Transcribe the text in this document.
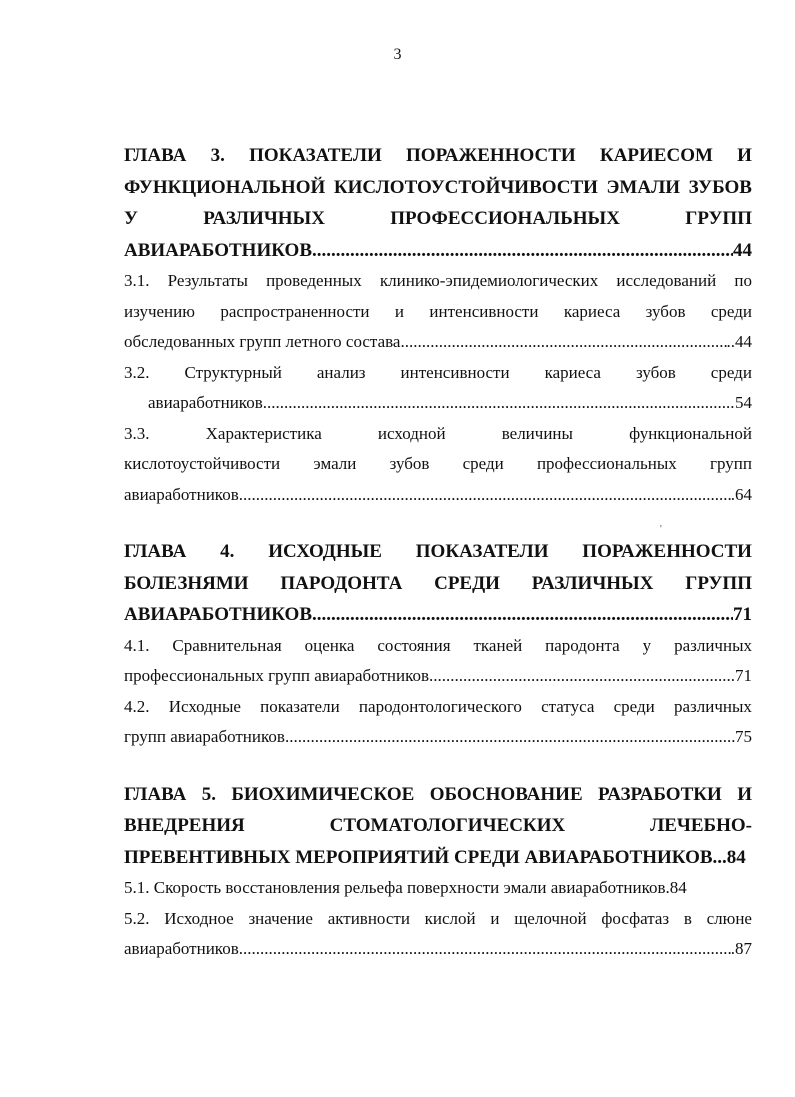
3
ГЛАВА 3. ПОКАЗАТЕЛИ ПОРАЖЕННОСТИ КАРИЕСОМ И
ФУНКЦИОНАЛЬНОЙ КИСЛОТОУСТОЙЧИВОСТИ ЭМАЛИ ЗУБОВ
У	РАЗЛИЧНЫХ	ПРОФЕССИОНАЛЬНЫХ	ГРУПП
АВИАРАБОТНИКОВ .....	44
3.1. Результаты проведенных клинико-эпидемиологических исследований по
изучению распространенности и интенсивности кариеса зубов среди
обследованных групп летного состава .....	..44
3.2. Структурный анализ интенсивности кариеса зубов среди
авиаработников .....	54
3.3.	Характеристика	исходной	величины	функциональной
кислотоустойчивости эмали зубов среди профессиональных групп
авиаработников .....	.64
ГЛАВА 4. ИСХОДНЫЕ ПОКАЗАТЕЛИ ПОРАЖЕННОСТИ
БОЛЕЗНЯМИ ПАРОДОНТА СРЕДИ РАЗЛИЧНЫХ ГРУПП
АВИАРАБОТНИКОВ .....	71
4.1. Сравнительная оценка состояния тканей пародонта у различных
профессиональных групп авиаработников .....	71
4.2. Исходные показатели пародонтологического статуса среди различных
групп авиаработников .....	75
ГЛАВА 5. БИОХИМИЧЕСКОЕ ОБОСНОВАНИЕ РАЗРАБОТКИ И
ВНЕДРЕНИЯ	СТОМАТОЛОГИЧЕСКИХ	ЛЕЧЕБНО-
ПРЕВЕНТИВНЫХ МЕРОПРИЯТИЙ СРЕДИ АВИАРАБОТНИКОВ ... 84
5.1. Скорость восстановления рельефа поверхности эмали авиаработников.84
5.2. Исходное значение активности кислой и щелочной фосфатаз в слюне
авиаработников .....	.87
'
